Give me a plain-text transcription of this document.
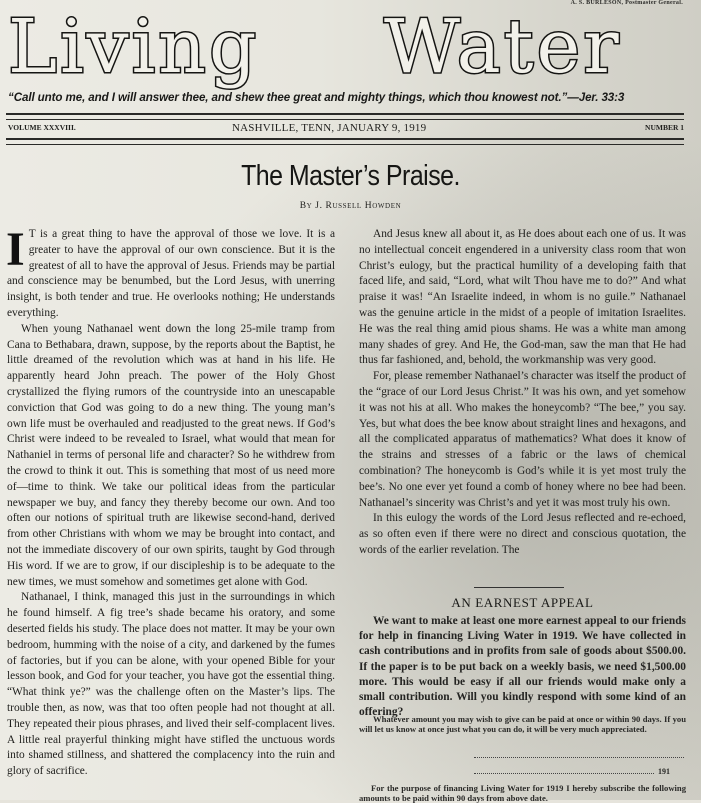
A. S. BURLESON, Postmaster General.
Living Water
“Call unto me, and I will answer thee, and shew thee great and mighty things, which thou knowest not.”—Jer. 33:3
VOLUME XXXVIII.	NASHVILLE, TENN, JANUARY 9, 1919	NUMBER 1
The Master’s Praise.
By J. Russell Howden

I T is a great thing to have the approval of those we love. It is a greater to have the approval of our own conscience. But it is the greatest of all to have the approval of Jesus. Friends may be partial and conscience may be benumbed, but the Lord Jesus, with unerring insight, is both tender and true. He overlooks nothing; He understands everything.

When young Nathanael went down the long 25-mile tramp from Cana to Bethabara, drawn, suppose, by the reports about the Baptist, he little dreamed of the revolution which was at hand in his life. He apparently heard John preach. The power of the Holy Ghost crystallized the flying rumors of the countryside into an unescapable conviction that God was going to do a new thing. The young man’s own life must be overhauled and readjusted to the great news. If God’s Christ were indeed to be revealed to Israel, what would that mean for Nathaniel in terms of personal life and character? So he withdrew from the crowd to think it out. This is something that most of us need more of—time to think. We take our political ideas from the particular newspaper we buy, and fancy they thereby become our own. And too often our notions of spiritual truth are likewise second-hand, derived from other Christians with whom we may be brought into contact, and not the immediate discovery of our own spirits, taught by God through His word. If we are to grow, if our discipleship is to be adequate to the new times, we must somehow and sometimes get alone with God.

Nathanael, I think, managed this just in the surroundings in which he found himself. A fig tree’s shade became his oratory, and some deserted fields his study. The place does not matter. It may be your own bedroom, humming with the noise of a city, and darkened by the fumes of factories, but if you can be alone, with your opened Bible for your lesson book, and God for your teacher, you have got the essential thing. “What think ye?” was the challenge often on the Master’s lips. The trouble then, as now, was that too often people had not thought at all. They repeated their pious phrases, and lived their self-complacent lives. A little real prayerful thinking might have stifled the unctuous words into shamed stillness, and shattered the complacency into the ruin and glory of sacrifice.

And Jesus knew all about it, as He does about each one of us. It was no intellectual conceit engendered in a university class room that won Christ’s eulogy, but the practical humility of a developing faith that faced life, and said, “Lord, what wilt Thou have me to do?” And what praise it was! “An Israelite indeed, in whom is no guile.” Nathanael was the genuine article in the midst of a people of imitation Israelites. He was the real thing amid pious shams. He was a white man among many shades of grey. And He, the God-man, saw the man that He had thus far fashioned, and, behold, the workmanship was very good.

For, please remember Nathanael’s character was itself the product of the “grace of our Lord Jesus Christ.” It was his own, and yet somehow it was not his at all. Who makes the honeycomb? “The bee,” you say. Yes, but what does the bee know about straight lines and hexagons, and all the complicated apparatus of mathematics? What does it know of the strains and stresses of a fabric or the laws of chemical combination? The honeycomb is God’s while it is yet most truly the bee’s. No one ever yet found a comb of honey where no bee had been. Nathanael’s sincerity was Christ’s and yet it was most truly his own.

In this eulogy the words of the Lord Jesus reflected and re-echoed, as so often even if there were no direct and conscious quotation, the words of the earlier revelation. The

AN EARNEST APPEAL

We want to make at least one more earnest appeal to our friends for help in financing Living Water in 1919. We have collected in cash contributions and in profits from sale of goods about $500.00. If the paper is to be put back on a weekly basis, we need $1,500.00 more. This would be easy if all our friends would make only a small contribution. Will you kindly respond with some kind of an offering?

Whatever amount you may wish to give can be paid at once or within 90 days. If you will let us know at once just what you can do, it will be very much appreciated.

191

For the purpose of financing Living Water for 1919 I hereby subscribe the following amounts to be paid within 90 days from above date.
